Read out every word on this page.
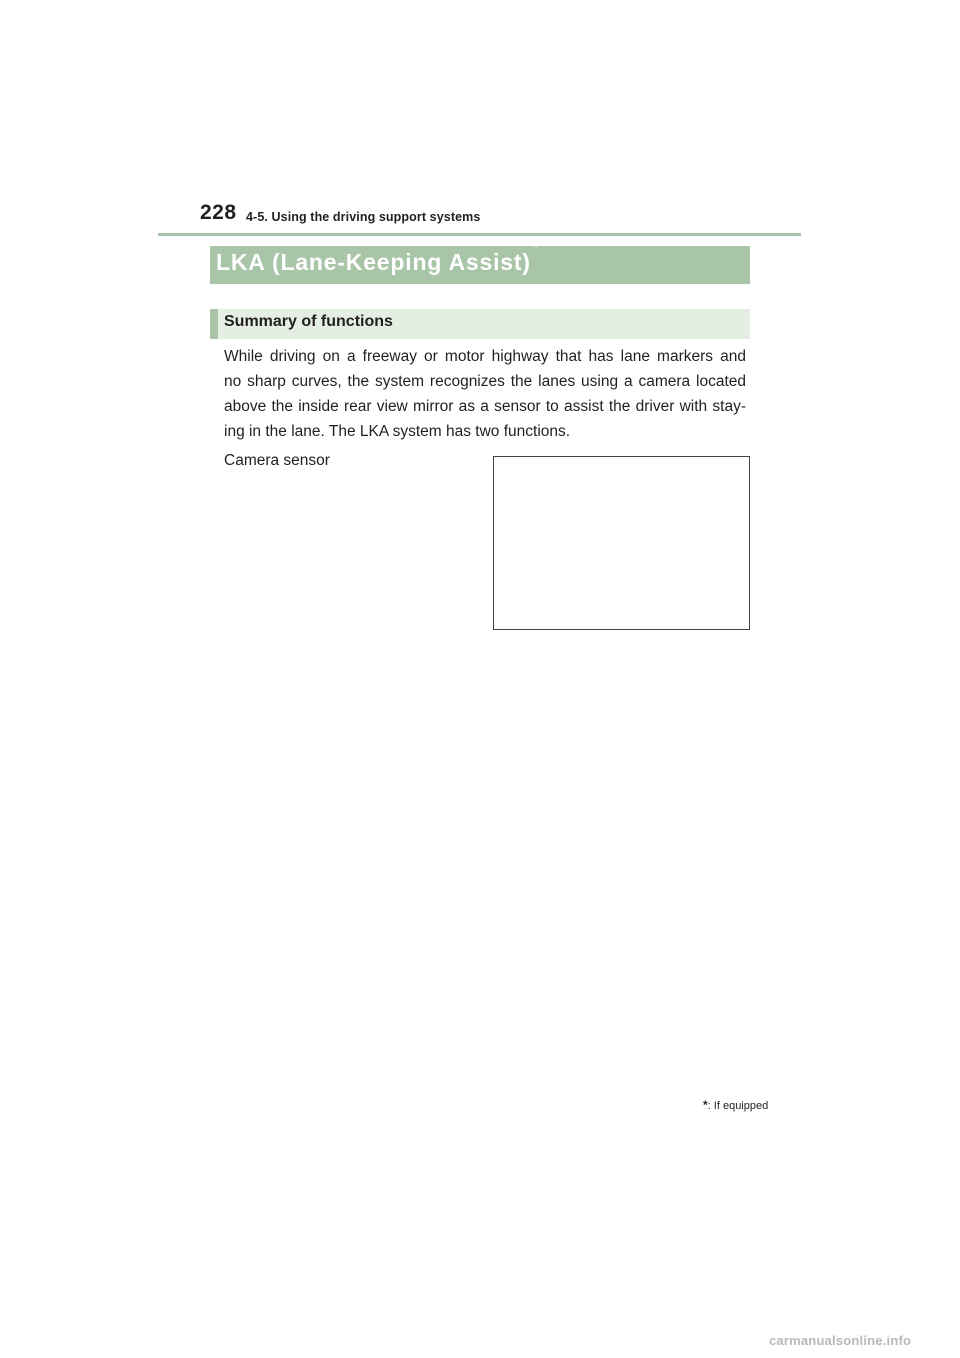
228 4-5. Using the driving support systems
LKA (Lane-Keeping Assist)
*
Summary of functions

While driving on a freeway or motor highway that has lane markers and
no sharp curves, the system recognizes the lanes using a camera located
above the inside rear view mirror as a sensor to assist the driver with stay-
ing in the lane. The LKA system has two functions.

Camera sensor
*: If equipped
carmanualsonline.info
